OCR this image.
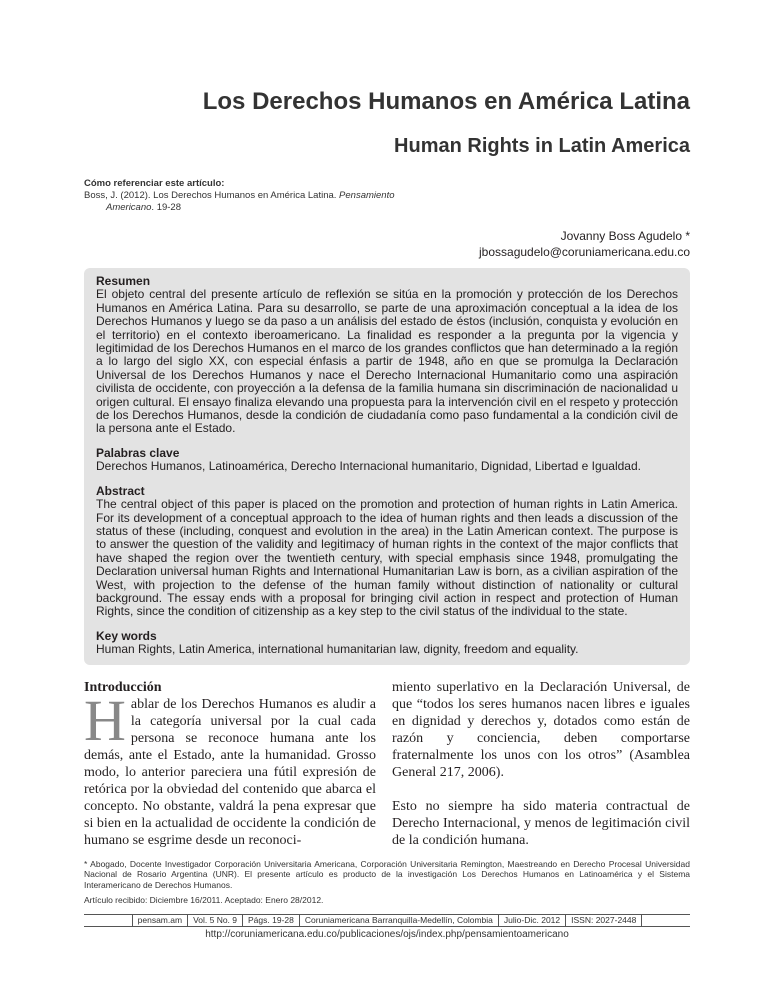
Los Derechos Humanos en América Latina
Human Rights in Latin America
Cómo referenciar este artículo:
Boss, J. (2012). Los Derechos Humanos en América Latina. Pensamiento
Americano. 19-28
Jovanny Boss Agudelo *
jbossagudelo@coruniamericana.edu.co
Resumen

El objeto central del presente artículo de reflexión se sitúa en la promoción y protección de los Derechos Humanos en América Latina. Para su desarrollo, se parte de una aproximación conceptual a la idea de los Derechos Humanos y luego se da paso a un análisis del estado de éstos (inclusión, conquista y evolución en el territorio) en el contexto iberoamericano. La finalidad es responder a la pregunta por la vigencia y legitimidad de los Derechos Humanos en el marco de los grandes conflictos que han determinado a la región a lo largo del siglo XX, con especial énfasis a partir de 1948, año en que se promulga la Declaración Universal de los Derechos Humanos y nace el Derecho Internacional Humanitario como una aspiración civilista de occidente, con proyección a la defensa de la familia humana sin discriminación de nacionalidad u origen cultural. El ensayo finaliza elevando una propuesta para la intervención civil en el respeto y protección de los Derechos Humanos, desde la condición de ciudadanía como paso fundamental a la condición civil de la persona ante el Estado.

Palabras clave

Derechos Humanos, Latinoamérica, Derecho Internacional humanitario, Dignidad, Libertad e Igualdad.

Abstract

The central object of this paper is placed on the promotion and protection of human rights in Latin America. For its development of a conceptual approach to the idea of human rights and then leads a discussion of the status of these (including, conquest and evolution in the area) in the Latin American context. The purpose is to answer the question of the validity and legitimacy of human rights in the context of the major conflicts that have shaped the region over the twentieth century, with special emphasis since 1948, promulgating the Declaration universal human Rights and International Humanitarian Law is born, as a civilian aspiration of the West, with projection to the defense of the human family without distinction of nationality or cultural background. The essay ends with a proposal for bringing civil action in respect and protection of Human Rights, since the condition of citizenship as a key step to the civil status of the individual to the state.

Key words

Human Rights, Latin America, international humanitarian law, dignity, freedom and equality.

Introducción

Hablar de los Derechos Humanos es aludir a la categoría universal por la cual cada persona se reconoce humana ante los demás, ante el Estado, ante la humanidad. Grosso modo, lo anterior pareciera una fútil expresión de retórica por la obviedad del contenido que abarca el concepto. No obstante, valdrá la pena expresar que si bien en la actualidad de occidente la condición de humano se esgrime desde un reconoci-

miento superlativo en la Declaración Universal, de que “todos los seres humanos nacen libres e iguales en dignidad y derechos y, dotados como están de razón y conciencia, deben comportarse fraternalmente los unos con los otros” (Asamblea General 217, 2006).

Esto no siempre ha sido materia contractual de Derecho Internacional, y menos de legitimación civil de la condición humana.

* Abogado, Docente Investigador Corporación Universitaria Americana, Corporación Universitaria Remington, Maestreando en Derecho Procesal Universidad Nacional de Rosario Argentina (UNR). El presente artículo es producto de la investigación Los Derechos Humanos en Latinoamérica y el Sistema Interamericano de Derechos Humanos.
Artículo recibido: Diciembre 16/2011. Aceptado: Enero 28/2012.
pensam.am	Vol. 5 No. 9	Págs. 19-28	Coruniamericana Barranquilla-Medellín, Colombia	Julio-Dic. 2012	ISSN: 2027-2448
http://coruniamericana.edu.co/publicaciones/ojs/index.php/pensamientoamericano
